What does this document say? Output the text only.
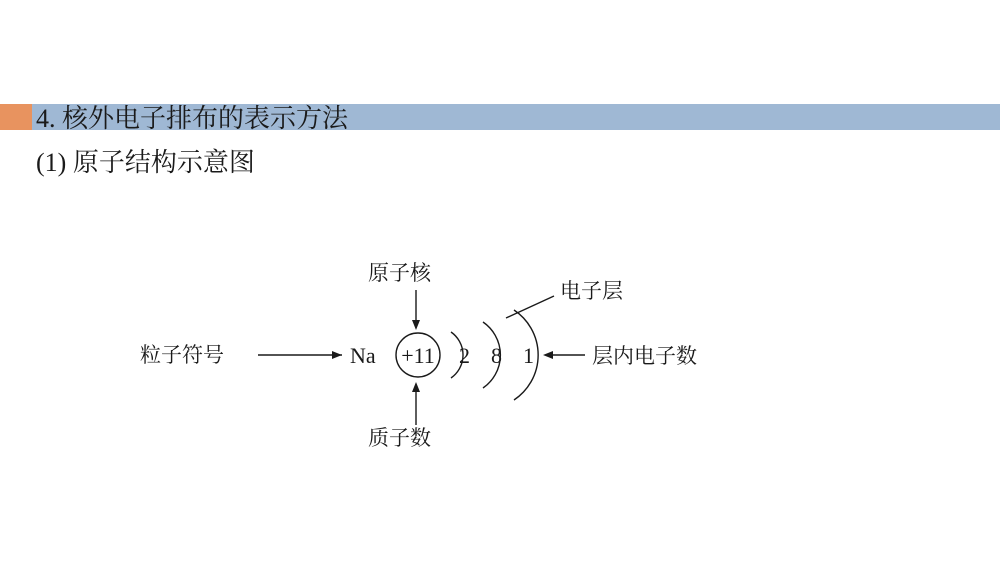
4. 核外电子排布的表示方法
(1) 原子结构示意图
粒子符号	Na +11
原子核
质子数
2 8 1
电子层
层内电子数
